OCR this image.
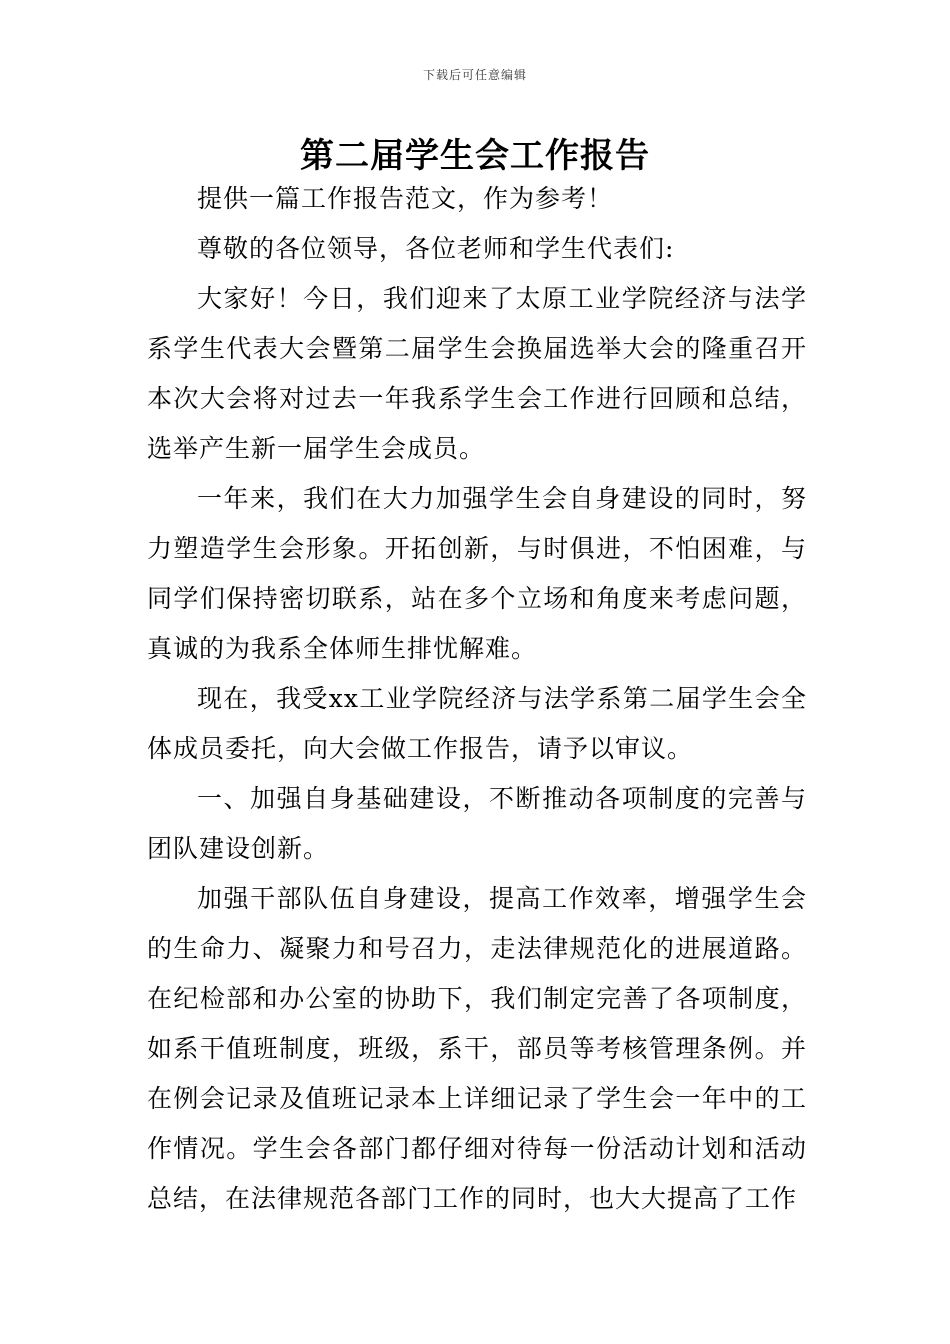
下载后可任意编辑
第二届学生会工作报告

提供一篇工作报告范文，作为参考！

尊敬的各位领导，各位老师和学生代表们:

大家好！今日，我们迎来了太原工业学院经济与法学系学生代表大会暨第二届学生会换届选举大会的隆重召开本次大会将对过去一年我系学生会工作进行回顾和总结，选举产生新一届学生会成员。

一年来，我们在大力加强学生会自身建设的同时，努力塑造学生会形象。开拓创新，与时俱进，不怕困难，与同学们保持密切联系，站在多个立场和角度来考虑问题，真诚的为我系全体师生排忧解难。

现在，我受xx工业学院经济与法学系第二届学生会全体成员委托，向大会做工作报告，请予以审议。

一、加强自身基础建设，不断推动各项制度的完善与团队建设创新。

加强干部队伍自身建设，提高工作效率，增强学生会的生命力、凝聚力和号召力，走法律规范化的进展道路。在纪检部和办公室的协助下，我们制定完善了各项制度，如系干值班制度，班级，系干，部员等考核管理条例。并在例会记录及值班记录本上详细记录了学生会一年中的工作情况。学生会各部门都仔细对待每一份活动计划和活动总结，在法律规范各部门工作的同时，也大大提高了工作
